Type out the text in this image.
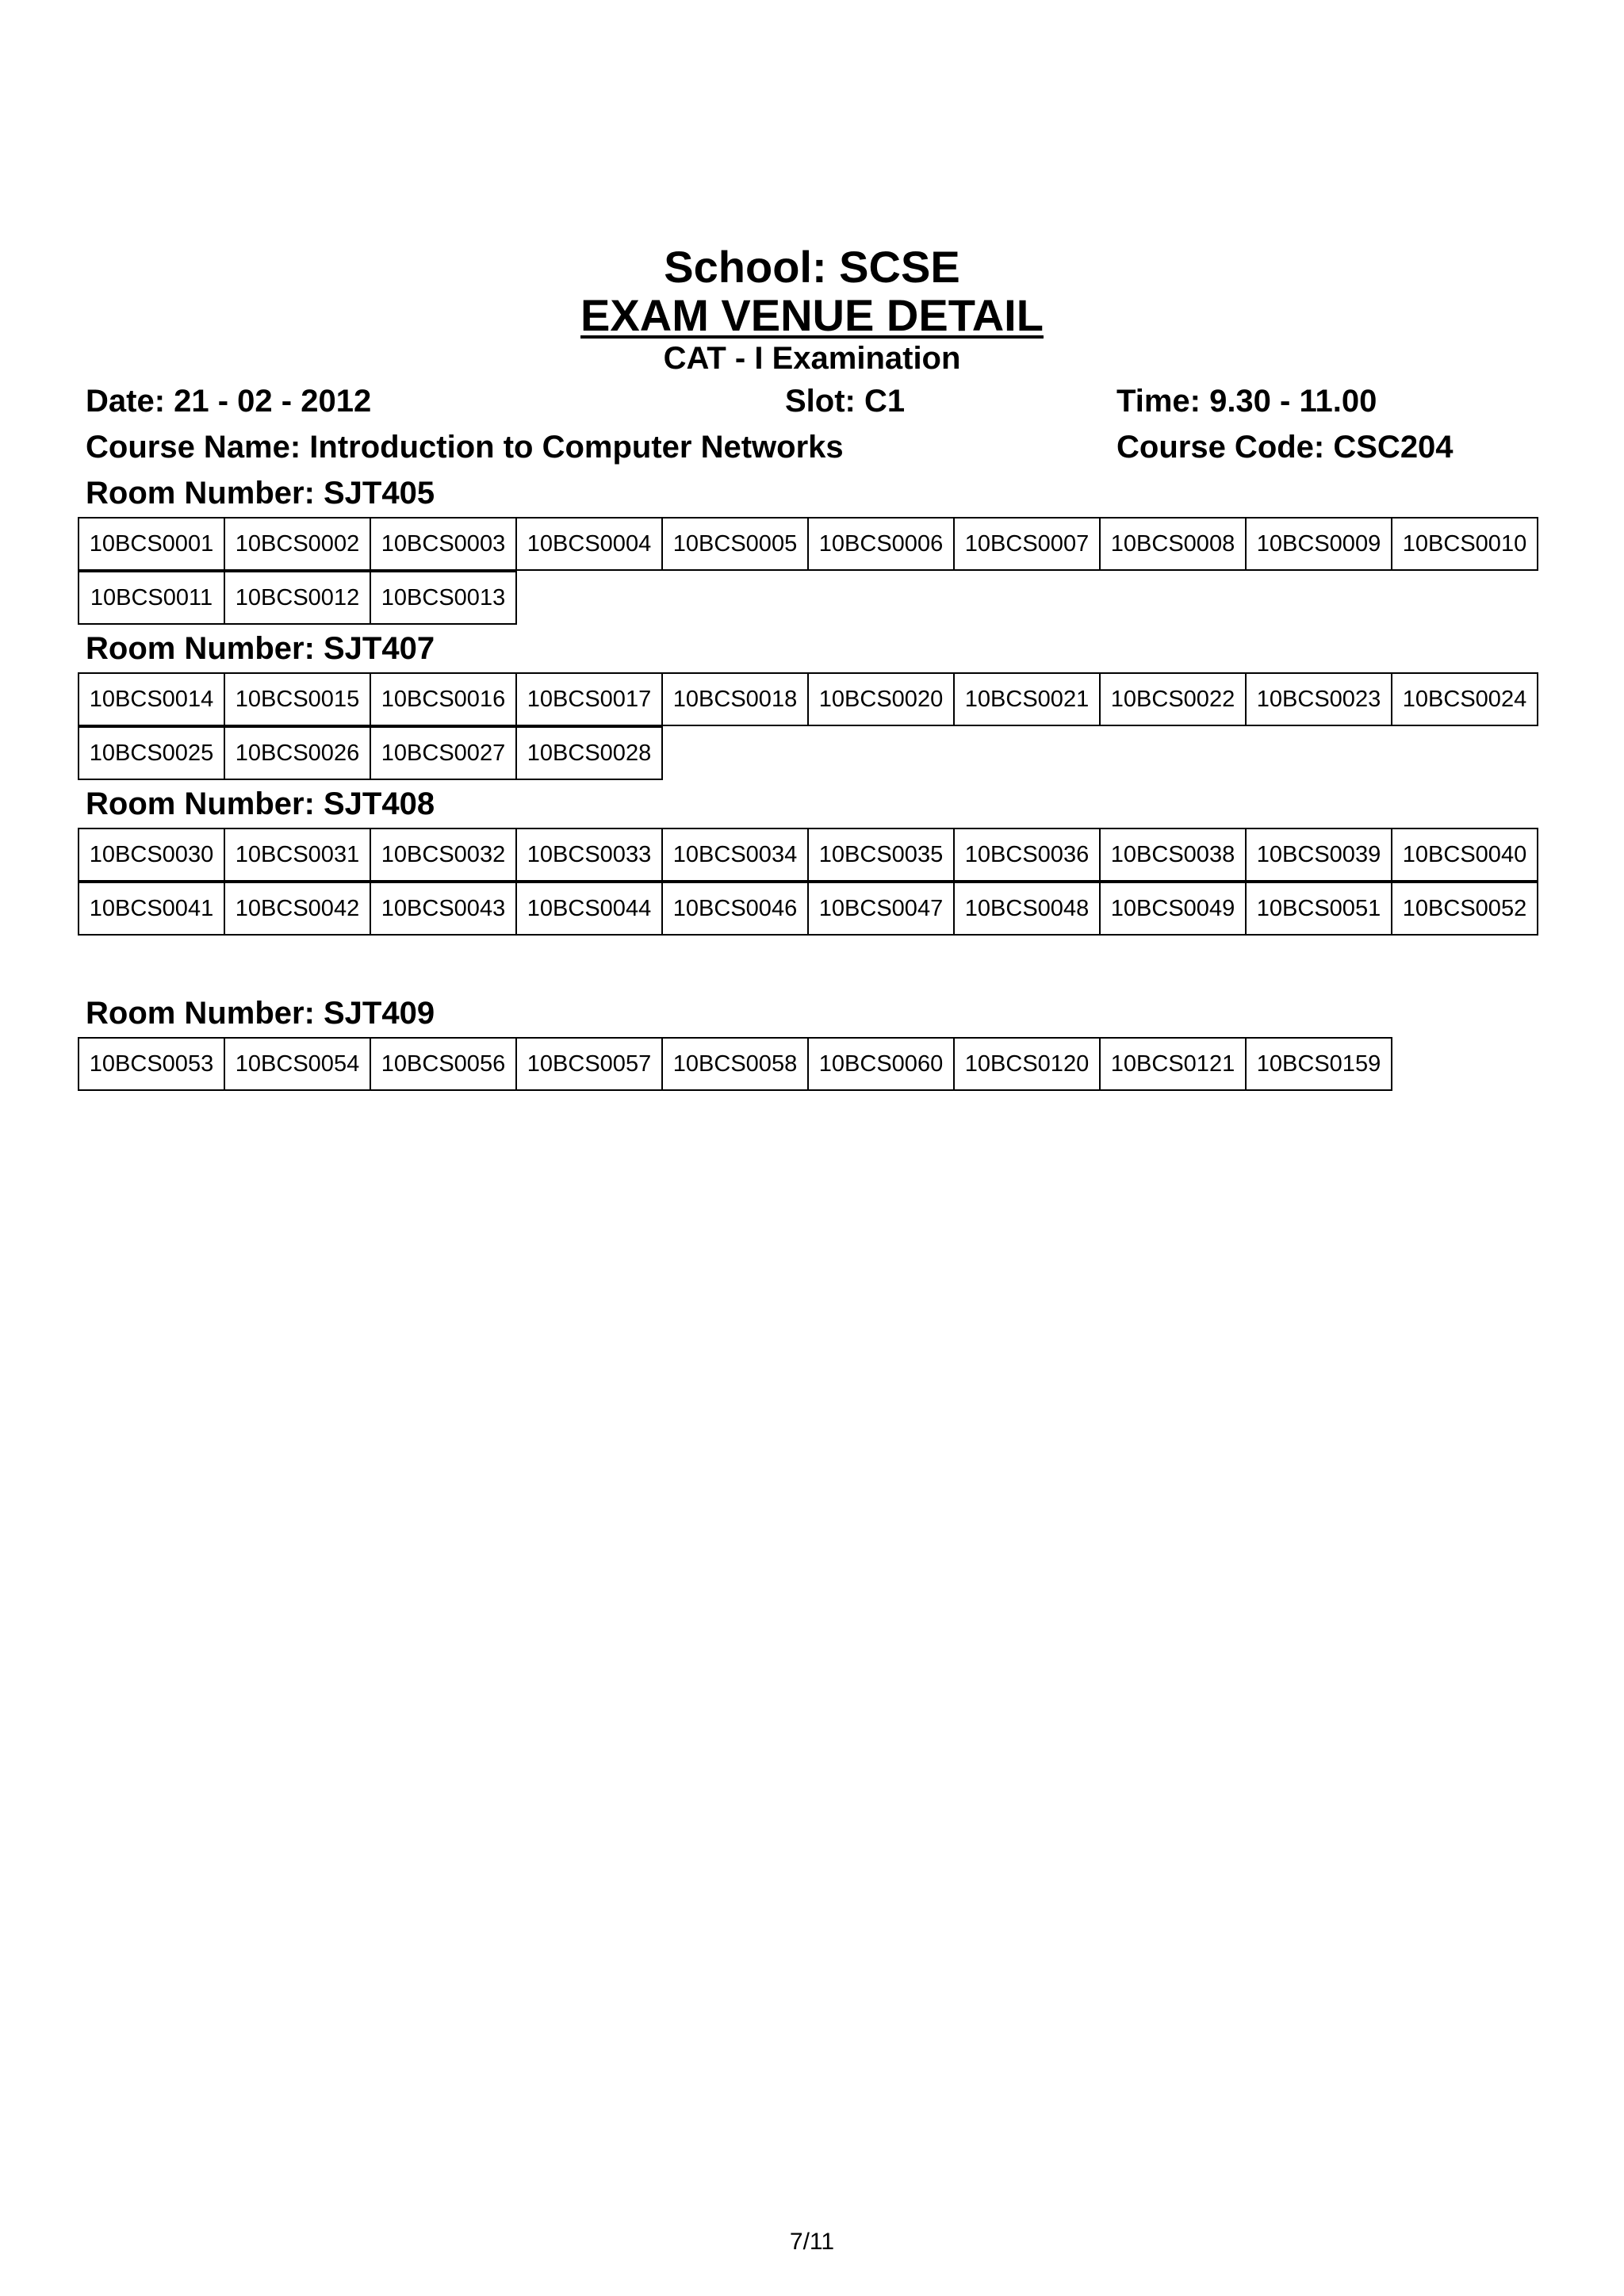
School: SCSE
EXAM VENUE DETAIL
CAT - I Examination
Date: 21 - 02 - 2012	Slot: C1	Time: 9.30 - 11.00
Course Name: Introduction to Computer Networks	Course Code: CSC204
Room Number: SJT405
10BCS0001 10BCS0002 10BCS0003 10BCS0004 10BCS0005 10BCS0006 10BCS0007 10BCS0008 10BCS0009 10BCS0010
10BCS0011 10BCS0012 10BCS0013
Room Number: SJT407
10BCS0014 10BCS0015 10BCS0016 10BCS0017 10BCS0018 10BCS0020 10BCS0021 10BCS0022 10BCS0023 10BCS0024
10BCS0025 10BCS0026 10BCS0027 10BCS0028
Room Number: SJT408
10BCS0030 10BCS0031 10BCS0032 10BCS0033 10BCS0034 10BCS0035 10BCS0036 10BCS0038 10BCS0039 10BCS0040
10BCS0041 10BCS0042 10BCS0043 10BCS0044 10BCS0046 10BCS0047 10BCS0048 10BCS0049 10BCS0051 10BCS0052
Room Number: SJT409
10BCS0053 10BCS0054 10BCS0056 10BCS0057 10BCS0058 10BCS0060 10BCS0120 10BCS0121 10BCS0159
7/11
